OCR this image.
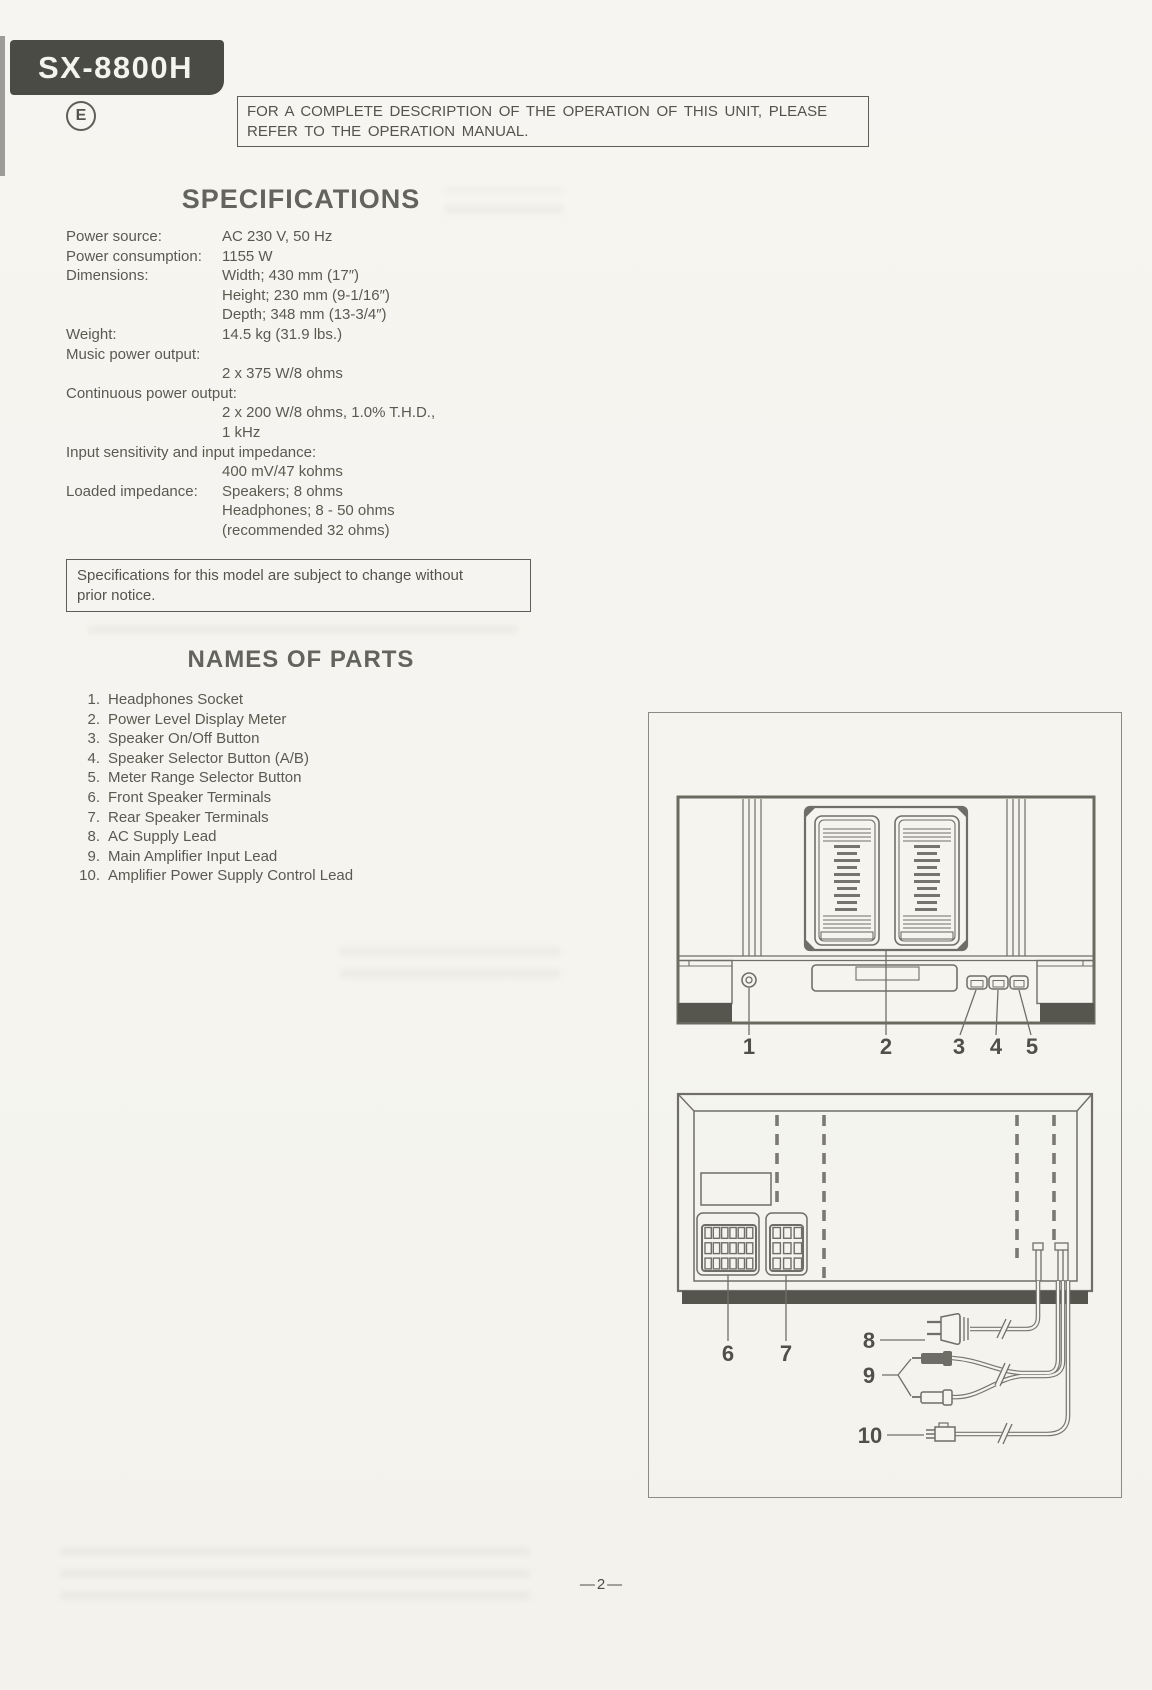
SX-8800H
E	FOR A COMPLETE DESCRIPTION OF THE OPERATION OF THIS UNIT, PLEASE
REFER TO THE OPERATION MANUAL.
SPECIFICATIONS
Power source:	AC 230 V, 50 Hz
Power consumption:	1155 W
Dimensions:	Width; 430 mm (17″)
Height; 230 mm (9-1/16″)
Depth; 348 mm (13-3/4″)
Weight:	14.5 kg (31.9 lbs.)
Music power output:
2 x 375 W/8 ohms
Continuous power output:
2 x 200 W/8 ohms, 1.0% T.H.D.,
1 kHz
Input sensitivity and input impedance:
400 mV/47 kohms
Loaded impedance:	Speakers; 8 ohms
Headphones; 8 - 50 ohms
(recommended 32 ohms)
Specifications for this model are subject to change without
prior notice.
NAMES OF PARTS
1. Headphones Socket
2. Power Level Display Meter
3. Speaker On/Off Button
4. Speaker Selector Button (A/B)
5. Meter Range Selector Button
6. Front Speaker Terminals
7. Rear Speaker Terminals
8. AC Supply Lead
9. Main Amplifier Input Lead
10. Amplifier Power Supply Control Lead
1	2	3 4 5
6 7
8
9
10
—2—
